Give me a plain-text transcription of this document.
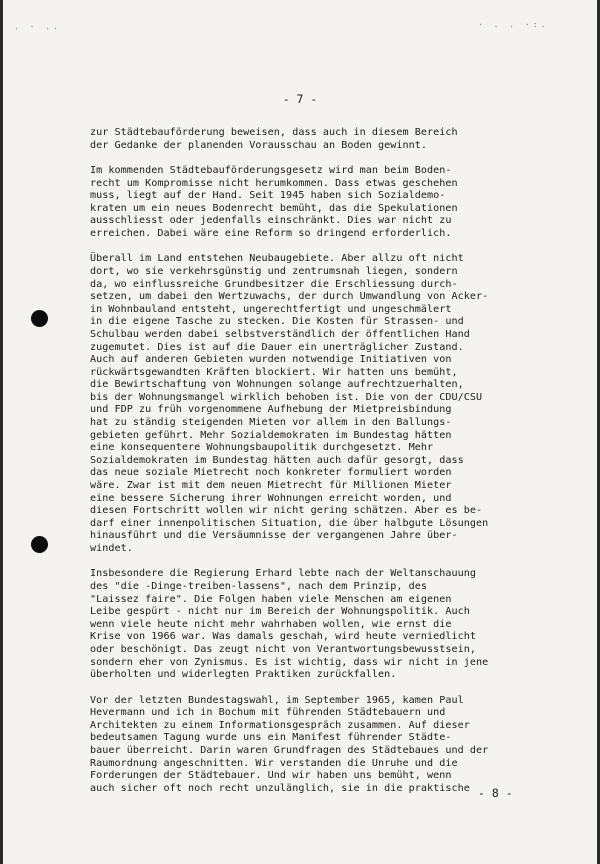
. · ..	· . . ·:.
- 7 -
zur Städtebauförderung beweisen, dass auch in diesem Bereich
der Gedanke der planenden Vorausschau an Boden gewinnt.
Im kommenden Städtebauförderungsgesetz wird man beim Boden-
recht um Kompromisse nicht herumkommen. Dass etwas geschehen
muss, liegt auf der Hand. Seit 1945 haben sich Sozialdemo-
kraten um ein neues Bodenrecht bemüht, das die Spekulationen
ausschliesst oder jedenfalls einschränkt. Dies war nicht zu
erreichen. Dabei wäre eine Reform so dringend erforderlich.
Überall im Land entstehen Neubaugebiete. Aber allzu oft nicht
dort, wo sie verkehrsgünstig und zentrumsnah liegen, sondern
da, wo einflussreiche Grundbesitzer die Erschliessung durch-
setzen, um dabei den Wertzuwachs, der durch Umwandlung von Acker-
in Wohnbauland entsteht, ungerechtfertigt und ungeschmälert
in die eigene Tasche zu stecken. Die Kosten für Strassen- und
Schulbau werden dabei selbstverständlich der öffentlichen Hand
zugemutet. Dies ist auf die Dauer ein unerträglicher Zustand.
Auch auf anderen Gebieten wurden notwendige Initiativen von
rückwärtsgewandten Kräften blockiert. Wir hatten uns bemüht,
die Bewirtschaftung von Wohnungen solange aufrechtzuerhalten,
bis der Wohnungsmangel wirklich behoben ist. Die von der CDU/CSU
und FDP zu früh vorgenommene Aufhebung der Mietpreisbindung
hat zu ständig steigenden Mieten vor allem in den Ballungs-
gebieten geführt. Mehr Sozialdemokraten im Bundestag hätten
eine konsequentere Wohnungsbaupolitik durchgesetzt. Mehr
Sozialdemokraten im Bundestag hätten auch dafür gesorgt, dass
das neue soziale Mietrecht noch konkreter formuliert worden
wäre. Zwar ist mit dem neuen Mietrecht für Millionen Mieter
eine bessere Sicherung ihrer Wohnungen erreicht worden, und
diesen Fortschritt wollen wir nicht gering schätzen. Aber es be-
darf einer innenpolitischen Situation, die über halbgute Lösungen
hinausführt und die Versäumnisse der vergangenen Jahre über-
windet.
Insbesondere die Regierung Erhard lebte nach der Weltanschauung
des "die -Dinge-treiben-lassens", nach dem Prinzip, des
"Laissez faire". Die Folgen haben viele Menschen am eigenen
Leibe gespürt - nicht nur im Bereich der Wohnungspolitik. Auch
wenn viele heute nicht mehr wahrhaben wollen, wie ernst die
Krise von 1966 war. Was damals geschah, wird heute verniedlicht
oder beschönigt. Das zeugt nicht von Verantwortungsbewusstsein,
sondern eher von Zynismus. Es ist wichtig, dass wir nicht in jene
überholten und widerlegten Praktiken zurückfallen.
Vor der letzten Bundestagswahl, im September 1965, kamen Paul
Hevermann und ich in Bochum mit führenden Städtebauern und
Architekten zu einem Informationsgespräch zusammen. Auf dieser
bedeutsamen Tagung wurde uns ein Manifest führender Städte-
bauer überreicht. Darin waren Grundfragen des Städtebaues und der
Raumordnung angeschnitten. Wir verstanden die Unruhe und die
Forderungen der Städtebauer. Und wir haben uns bemüht, wenn
auch sicher oft noch recht unzulänglich, sie in die praktische - 8 -
